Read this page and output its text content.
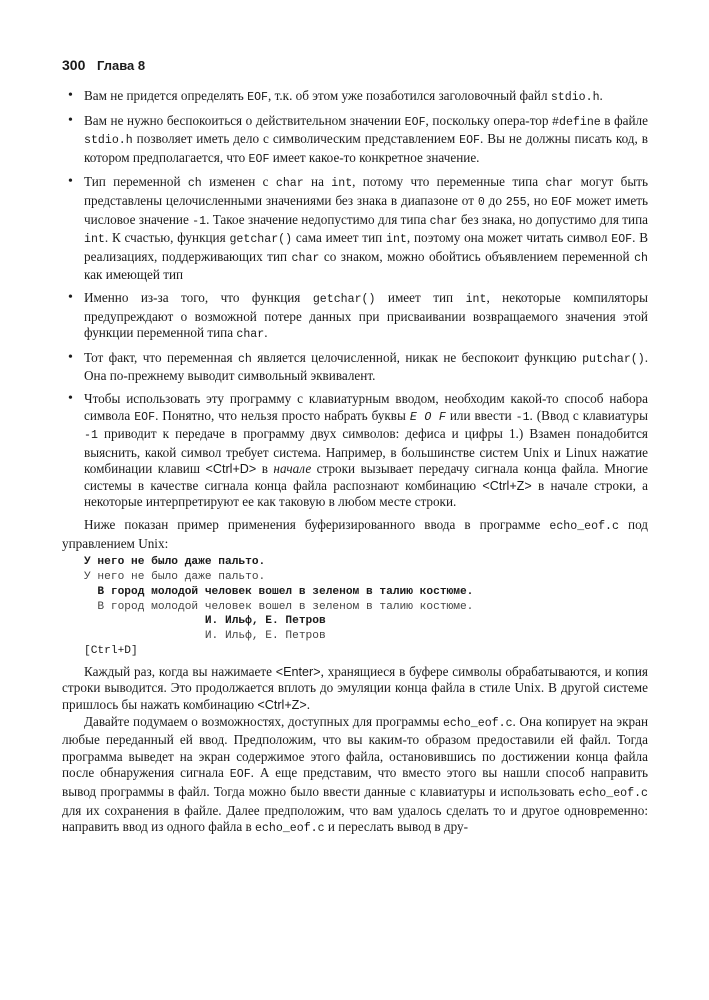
300 Глава 8
• Вам не придется определять EOF, т.к. об этом уже позаботился заголовочный файл stdio.h.
• Вам не нужно беспокоиться о действительном значении EOF, поскольку опера-тор #define в файле stdio.h позволяет иметь дело с символическим представлением EOF. Вы не должны писать код, в котором предполагается, что EOF имеет какое-то конкретное значение.
• Тип переменной ch изменен с char на int, потому что переменные типа char могут быть представлены целочисленными значениями без знака в диапазоне от 0 до 255, но EOF может иметь числовое значение -1. Такое значение недопустимо для типа char без знака, но допустимо для типа int. К счастью, функция getchar() сама имеет тип int, поэтому она может читать символ EOF. В реализациях, поддерживающих тип char со знаком, можно обойтись объявлением переменной ch как имеющей тип
• Именно из-за того, что функция getchar() имеет тип int, некоторые компиляторы предупреждают о возможной потере данных при присваивании возвращаемого значения этой функции переменной типа char.
• Тот факт, что переменная ch является целочисленной, никак не беспокоит функцию putchar(). Она по-прежнему выводит символьный эквивалент.
• Чтобы использовать эту программу с клавиатурным вводом, необходим какой-то способ набора символа EOF. Понятно, что нельзя просто набрать буквы E O F или ввести -1. (Ввод с клавиатуры -1 приводит к передаче в программу двух символов: дефиса и цифры 1.) Взамен понадобится выяснить, какой символ требует система. Например, в большинстве систем Unix и Linux нажатие комбинации клавиш <Ctrl+D> в начале строки вызывает передачу сигнала конца файла. Многие системы в качестве сигнала конца файла распознают комбинацию <Ctrl+Z> в начале строки, а некоторые интерпретируют ее как таковую в любом месте строки.

Ниже показан пример применения буферизированного ввода в программе echo_eof.c под управлением Unix:

У него не было даже пальто.
У него не было даже пальто.
В город молодой человек вошел в зеленом в талию костюме.
В город молодой человек вошел в зеленом в талию костюме.
И. Ильф, Е. Петров
И. Ильф, Е. Петров
[Ctrl+D]

Каждый раз, когда вы нажимаете <Enter>, хранящиеся в буфере символы обрабатываются, и копия строки выводится. Это продолжается вплоть до эмуляции конца файла в стиле Unix. В другой системе пришлось бы нажать комбинацию <Ctrl+Z>.

Давайте подумаем о возможностях, доступных для программы echo_eof.c. Она копирует на экран любые переданный ей ввод. Предположим, что вы каким-то образом предоставили ей файл. Тогда программа выведет на экран содержимое этого файла, остановившись по достижении конца файла после обнаружения сигнала EOF. А еще представим, что вместо этого вы нашли способ направить вывод программы в файл. Тогда можно было ввести данные с клавиатуры и использовать echo_eof.c для их сохранения в файле. Далее предположим, что вам удалось сделать то и другое одновременно: направить ввод из одного файла в echo_eof.c и переслать вывод в дру-
